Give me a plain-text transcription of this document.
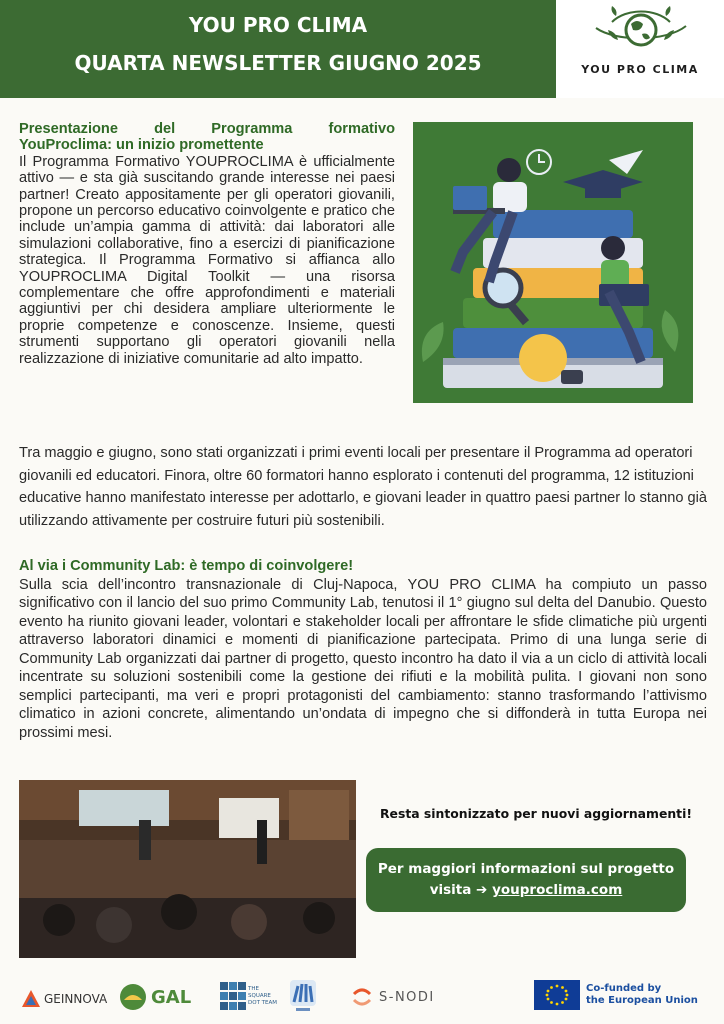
YOU PRO CLIMA
QUARTA NEWSLETTER GIUGNO 2025	YOU PRO CLIMA
Presentazione del Programma formativo YouProclima: un inizio promettente
Il Programma Formativo YOUPROCLIMA è ufficialmente attivo — e sta già suscitando grande interesse nei paesi partner! Creato appositamente per gli operatori giovanili, propone un percorso educativo coinvolgente e pratico che include un’ampia gamma di attività: dai laboratori alle simulazioni collaborative, fino a esercizi di pianificazione strategica. Il Programma Formativo si affianca allo YOUPROCLIMA Digital Toolkit — una risorsa complementare che offre approfondimenti e materiali aggiuntivi per chi desidera ampliare ulteriormente le proprie competenze e conoscenze. Insieme, questi strumenti supportano gli operatori giovanili nella realizzazione di iniziative comunitarie ad alto impatto.
Tra maggio e giugno, sono stati organizzati i primi eventi locali per presentare il Programma ad operatori giovanili ed educatori. Finora, oltre 60 formatori hanno esplorato i contenuti del programma, 12 istituzioni educative hanno manifestato interesse per adottarlo, e giovani leader in quattro paesi partner lo stanno già utilizzando attivamente per costruire futuri più sostenibili.
Al via i Community Lab: è tempo di coinvolgere!
Sulla scia dell’incontro transnazionale di Cluj-Napoca, YOU PRO CLIMA ha compiuto un passo significativo con il lancio del suo primo Community Lab, tenutosi il 1° giugno sul delta del Danubio. Questo evento ha riunito giovani leader, volontari e stakeholder locali per affrontare le sfide climatiche più urgenti attraverso laboratori dinamici e momenti di pianificazione partecipata. Primo di una lunga serie di Community Lab organizzati dai partner di progetto, questo incontro ha dato il via a un ciclo di attività locali incentrate su soluzioni sostenibili come la gestione dei rifiuti e la mobilità pulita. I giovani non sono semplici partecipanti, ma veri e propri protagonisti del cambiamento: stanno trasformando l’attivismo climatico in azioni concrete, alimentando un’ondata di impegno che si diffonderà in tutta Europa nei prossimi mesi.
Resta sintonizzato per nuovi aggiornamenti!
Per maggiori informazioni sul progetto
visita ➔ youproclima.com
GEINNOVA GAL	THE SQUARE DOT TEAM	S-NODI
Co-funded by
the European Union
